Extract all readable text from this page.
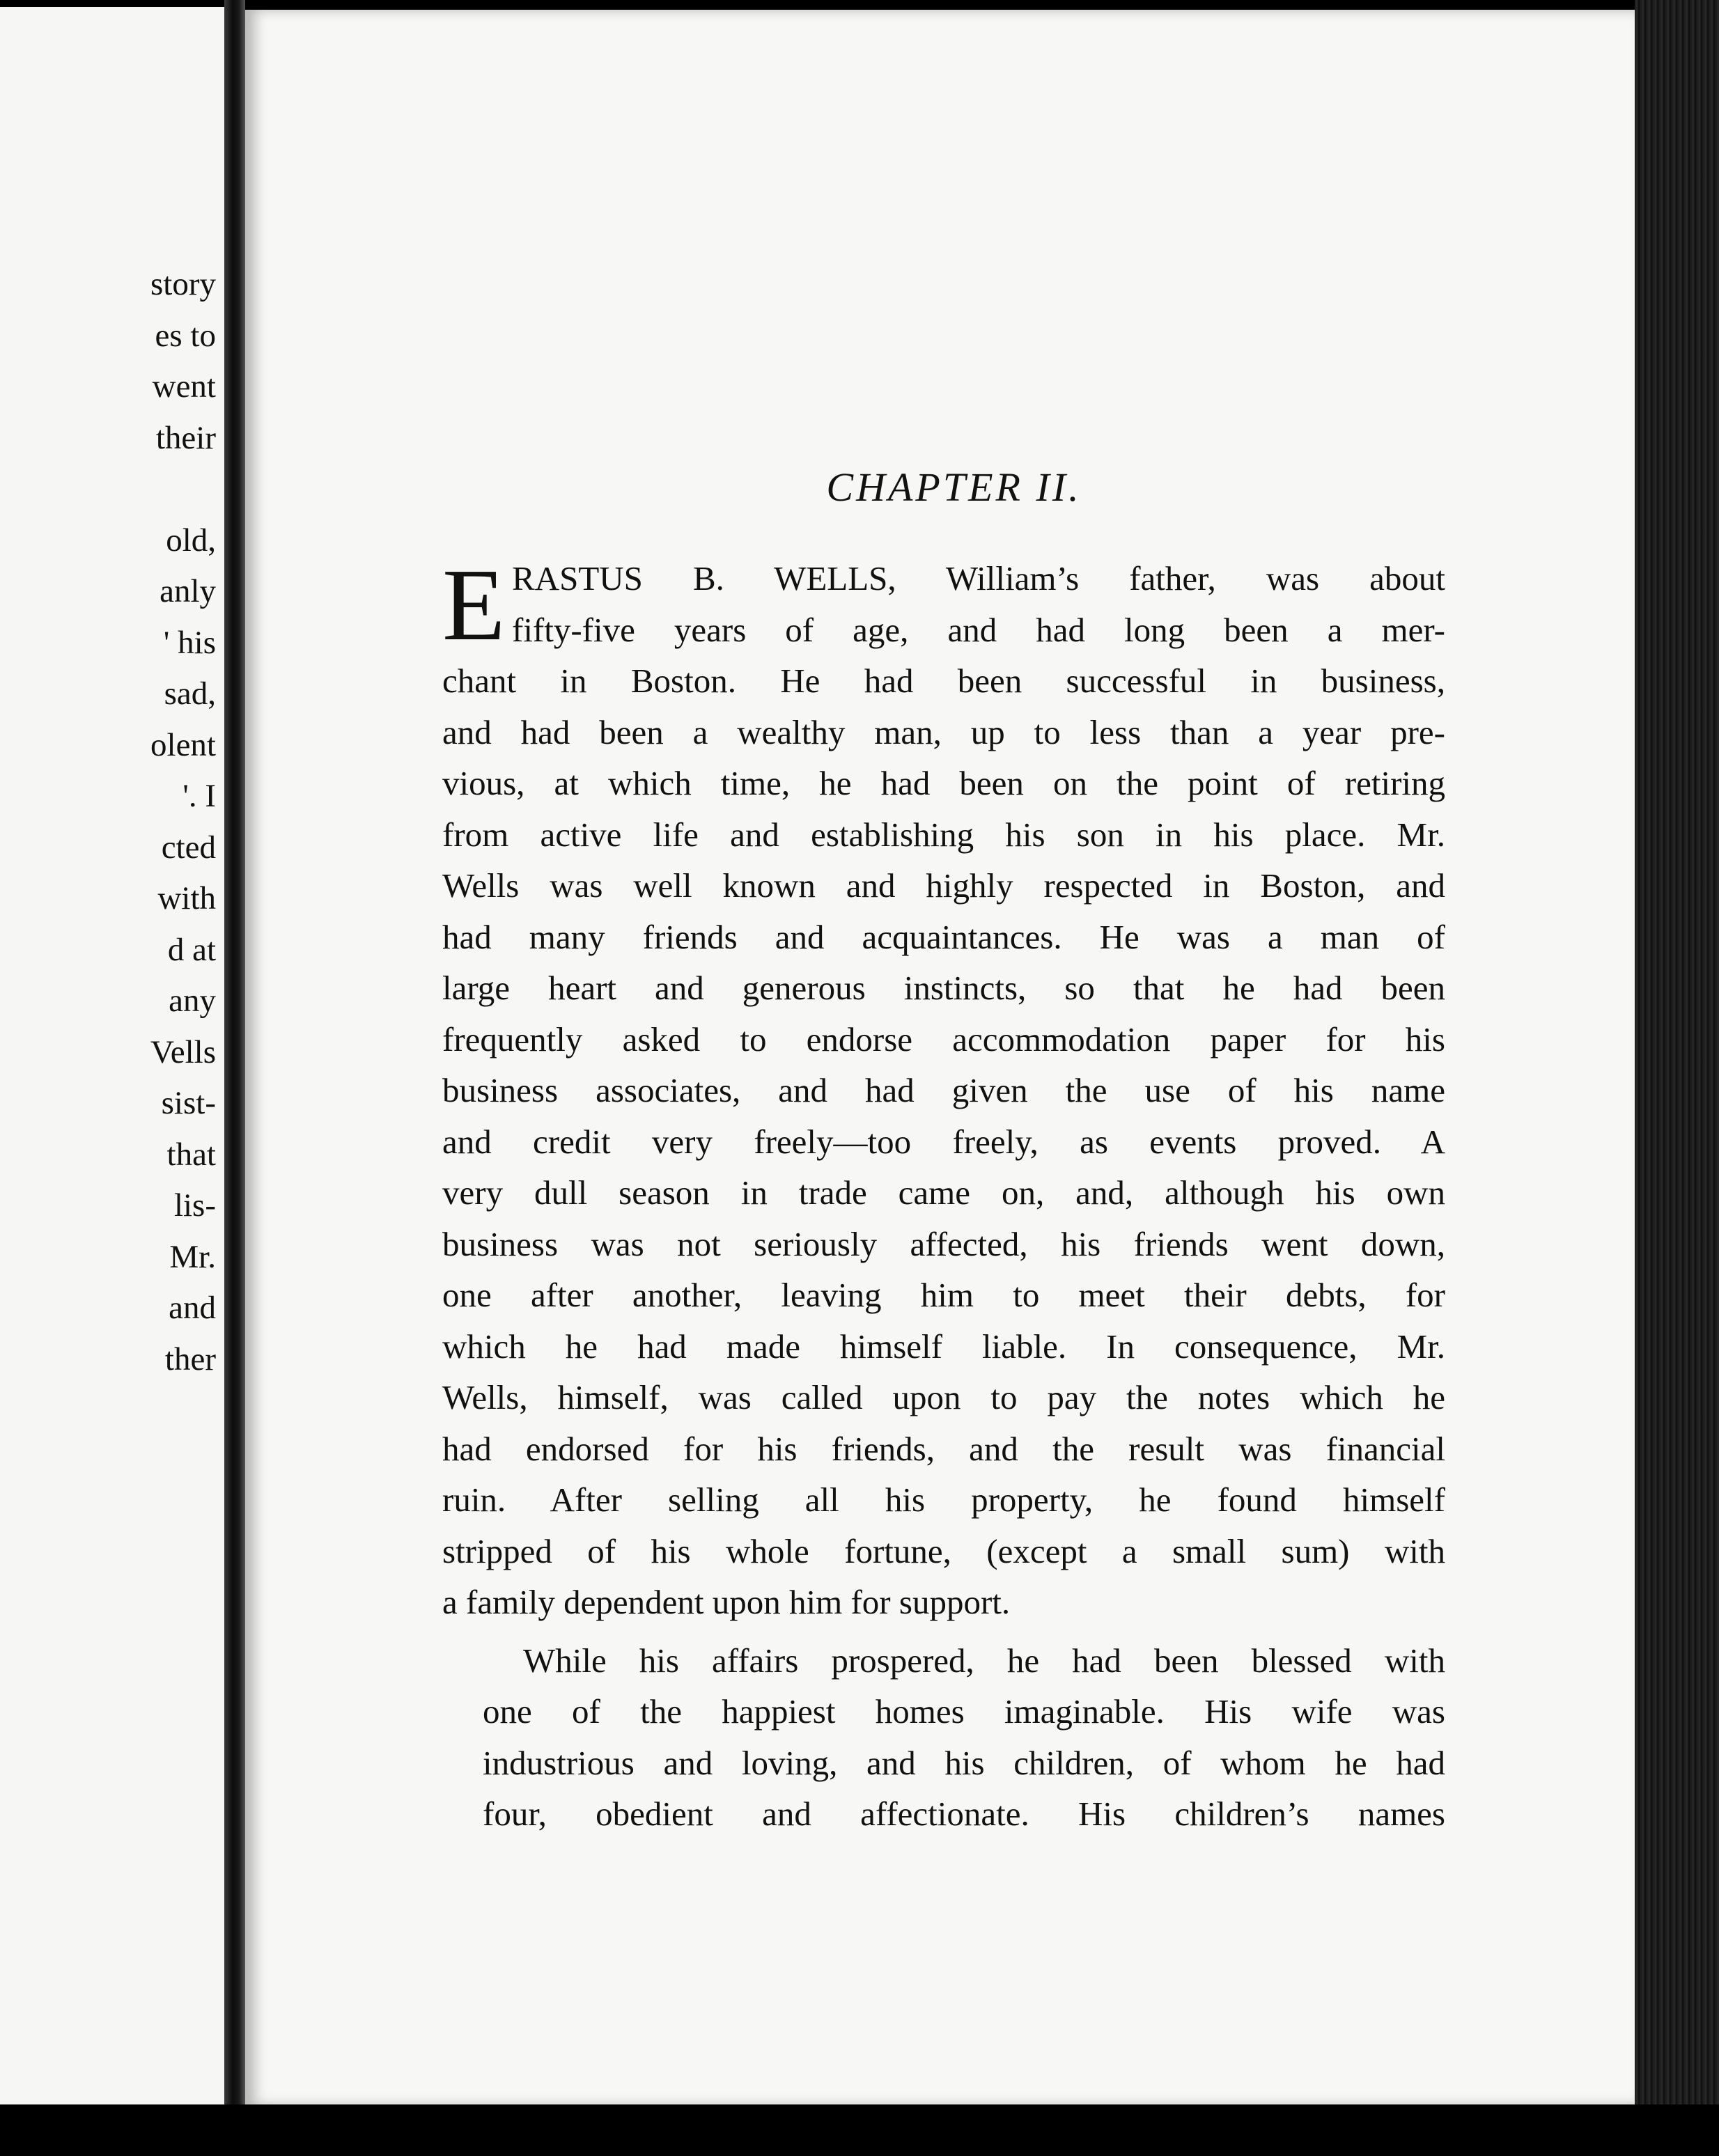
story
es to
went
their
old,
anly
' his
sad,
olent
'. I
cted
with
d at
any
Vells
sist-
that
lis-
Mr.
and
ther
CHAPTER II.
E RASTUS B. WELLS, William’s father, was about
fifty-five years of age, and had long been a mer-
chant in Boston. He had been successful in business,
and had been a wealthy man, up to less than a year pre-
vious, at which time, he had been on the point of retiring
from active life and establishing his son in his place. Mr.
Wells was well known and highly respected in Boston, and
had many friends and acquaintances. He was a man of
large heart and generous instincts, so that he had been
frequently asked to endorse accommodation paper for his
business associates, and had given the use of his name
and credit very freely—too freely, as events proved. A
very dull season in trade came on, and, although his own
business was not seriously affected, his friends went down,
one after another, leaving him to meet their debts, for
which he had made himself liable. In consequence, Mr.
Wells, himself, was called upon to pay the notes which he
had endorsed for his friends, and the result was financial
ruin. After selling all his property, he found himself
stripped of his whole fortune, (except a small sum) with
a family dependent upon him for support.
While his affairs prospered, he had been blessed with
one of the happiest homes imaginable. His wife was
industrious and loving, and his children, of whom he had
four, obedient and affectionate. His children’s names
